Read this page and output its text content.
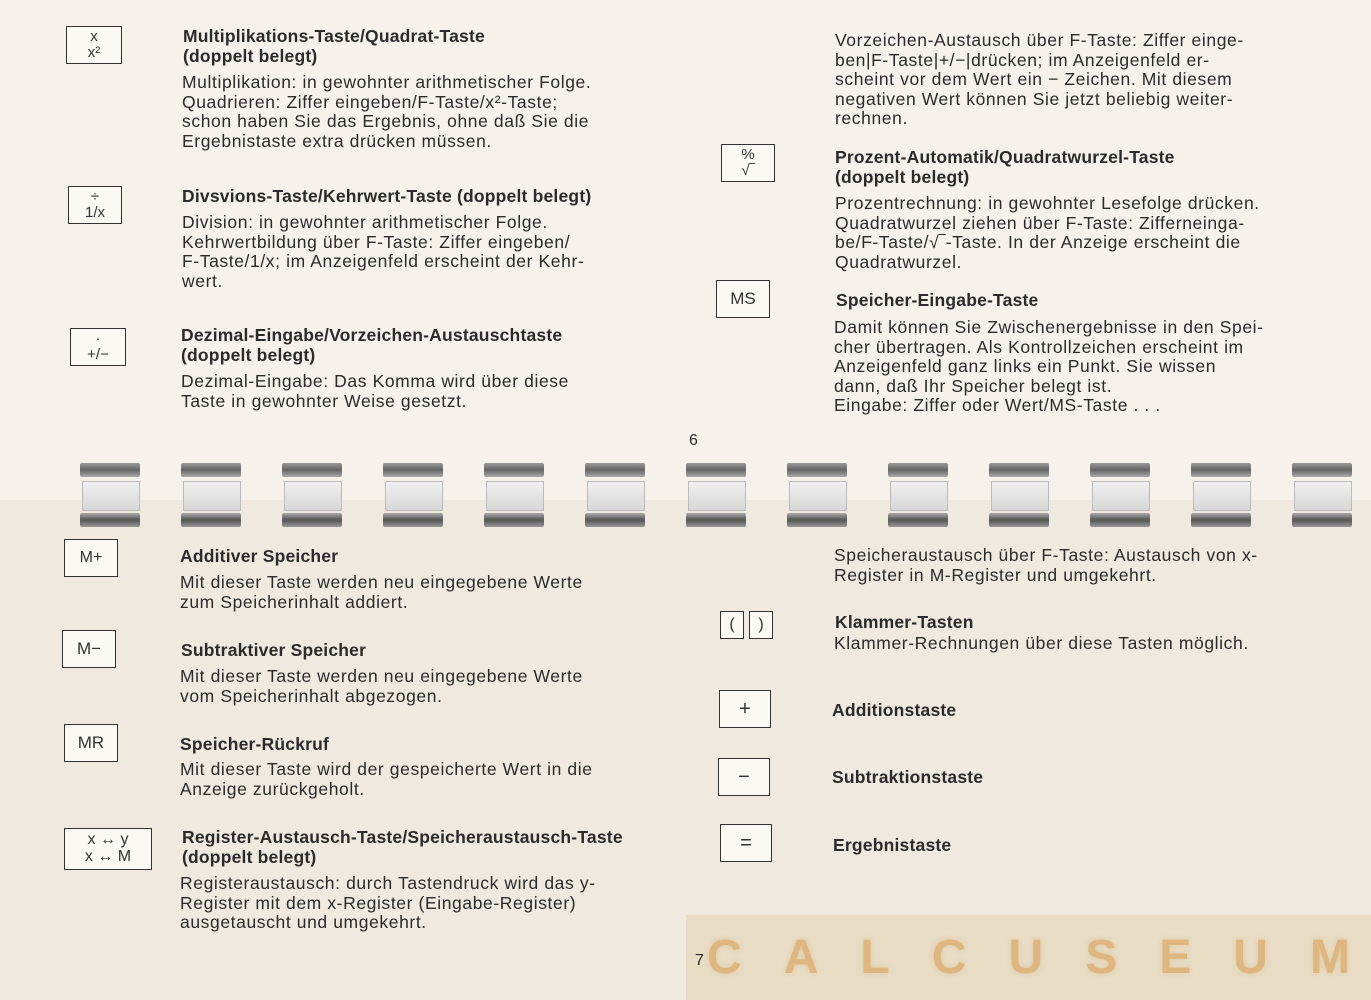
x
x²
Multiplikations-Taste/Quadrat-Taste
(doppelt belegt)
Multiplikation: in gewohnter arithmetischer Folge.
Quadrieren: Ziffer eingeben/F-Taste/x²-Taste;
schon haben Sie das Ergebnis, ohne daß Sie die
Ergebnistaste extra drücken müssen.
÷
1/x
Divsvions-Taste/Kehrwert-Taste (doppelt belegt)
Division: in gewohnter arithmetischer Folge.
Kehrwertbildung über F-Taste: Ziffer eingeben/
F-Taste/1/x; im Anzeigenfeld erscheint der Kehr-
wert.
·
+/−
Dezimal-Eingabe/Vorzeichen-Austauschtaste
(doppelt belegt)
Dezimal-Eingabe: Das Komma wird über diese
Taste in gewohnter Weise gesetzt.
Vorzeichen-Austausch über F-Taste: Ziffer einge-
ben|F-Taste|+/−|drücken; im Anzeigenfeld er-
scheint vor dem Wert ein − Zeichen. Mit diesem
negativen Wert können Sie jetzt beliebig weiter-
rechnen.
%
√‾
Prozent-Automatik/Quadratwurzel-Taste
(doppelt belegt)
Prozentrechnung: in gewohnter Lesefolge drücken.
Quadratwurzel ziehen über F-Taste: Zifferneinga-
be/F-Taste/√‾-Taste. In der Anzeige erscheint die
Quadratwurzel.
MS	Speicher-Eingabe-Taste
Damit können Sie Zwischenergebnisse in den Spei-
cher übertragen. Als Kontrollzeichen erscheint im
Anzeigenfeld ganz links ein Punkt. Sie wissen
dann, daß Ihr Speicher belegt ist.
Eingabe: Ziffer oder Wert/MS-Taste . . .
6
M+	Additiver Speicher
Mit dieser Taste werden neu eingegebene Werte
zum Speicherinhalt addiert.
M−	Subtraktiver Speicher
Mit dieser Taste werden neu eingegebene Werte
vom Speicherinhalt abgezogen.
MR	Speicher-Rückruf
Mit dieser Taste wird der gespeicherte Wert in die
Anzeige zurückgeholt.
x ↔ y
x ↔ M
Register-Austausch-Taste/Speicheraustausch-Taste
(doppelt belegt)
Registeraustausch: durch Tastendruck wird das y-
Register mit dem x-Register (Eingabe-Register)
ausgetauscht und umgekehrt.
Speicheraustausch über F-Taste: Austausch von x-
Register in M-Register und umgekehrt.
( )	Klammer-Tasten
Klammer-Rechnungen über diese Tasten möglich.
+	Additionstaste
−	Subtraktionstaste
=	Ergebnistaste
C A L C U S E U M
7
